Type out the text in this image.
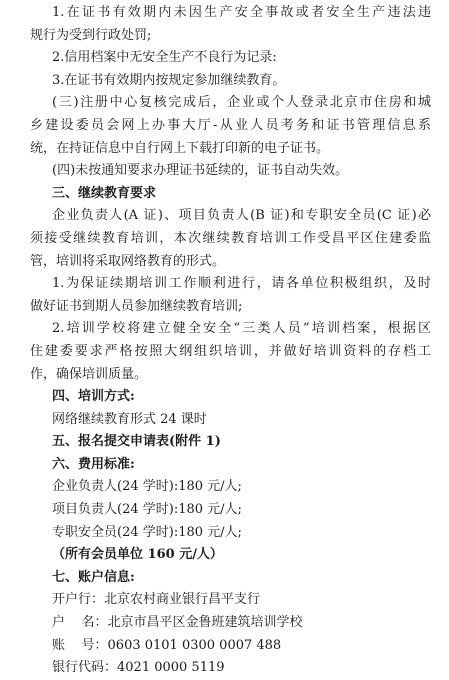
1.在证书有效期内未因生产安全事故或者安全生产违法违
规行为受到行政处罚;
2.信用档案中无安全生产不良行为记录:
3.在证书有效期内按规定参加继续教育。
(三)注册中心复核完成后，企业或个人登录北京市住房和城
乡建设委员会网上办事大厅-从业人员考务和证书管理信息系
统，在持证信息中自行网上下载打印新的电子证书。
(四)未按通知要求办理证书延续的，证书自动失效。
三、继续教育要求
企业负责人(A 证)、项目负责人(B 证)和专职安全员(C 证)必
须接受继续教育培训，本次继续教育培训工作受昌平区住建委监
管，培训将采取网络教育的形式。
1.为保证续期培训工作顺利进行，请各单位积极组织，及时
做好证书到期人员参加继续教育培训;
2.培训学校将建立健全安全“三类人员”培训档案，根据区
住建委要求严格按照大纲组织培训，并做好培训资料的存档工
作，确保培训质量。
四、培训方式:
网络继续教育形式 24 课时
五、报名提交申请表(附件 1)
六、费用标准:
企业负责人(24 学时):180 元/人;
项目负责人(24 学时):180 元/人;
专职安全员(24 学时):180 元/人;
（所有会员单位 160 元/人）
七、账户信息:
开户行：北京农村商业银行昌平支行
户    名：北京市昌平区金鲁班建筑培训学校
账    号：0603 0101 0300 0007 488
银行代码：4021 0000 5119
